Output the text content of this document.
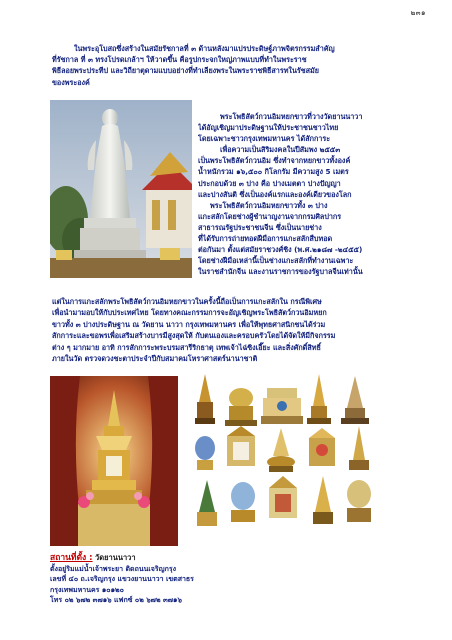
๒๓๑
ในพระอุโบสถซึ่งสร้างในสมัยรัชกาลที่ ๓ ด้านหลังมาแปรประดิษฐ์ภาพจิตรกรรมสำคัญ
ที่รัชกาล ที่ ๓ ทรงโปรดเกล้าฯ ให้วาดขึ้น คือรูปกระจกใหญ่ภาพแบบที่ทำในพระราช
พิธีลอยพระประทีป และวิถียาตุดามแบบอย่างที่ทำเลียงพระในพระราชพิธีสารทในรัชสมัย
ของพระองค์
พระโพธิสัตว์กวนอิมหยกขาวที่วางวัดยานนาวา
ได้อัญเชิญมาประดิษฐานให้ประชาชนชาวไทย
โดยเฉพาะชาวกรุงเทพมหานคร ได้สักการะ
เพื่อความเป็นสิริมงคลในปีสัมพง ๒๕๕๓
เป็นพระโพธิสัตว์กวนอิม ซึ่งทำจากหยกขาวทั้งองค์
น้ำหนักรวม ๑๖,๕๐๐ กิโลกรัม มีความสูง 5 เมตร
ประกอบด้วย ๓ ปาง คือ ปางเมตตา ปางปัญญา
และปางสันติ ซึ่งเป็นองค์แรกและองค์เดียวของโลก
พระโพธิสัตว์กวนอิมหยกขาวทั้ง ๓ ปาง
แกะสลักโดยช่างผู้ชำนาญงานจากกรมศิลปากร
สาธารณรัฐประชาชนจีน ซึ่งเป็นนายช่าง
ที่ได้รับการถ่ายทอดฝีมือการแกะสลักสืบทอด
ต่อกันมา ตั้งแต่สมัยราชวงศ์ชิง (พ.ศ.๒๑๘๗ -๒๔๕๕)
โดยช่างฝีมือเหล่านี้เป็นช่างแกะสลักที่ทำงานเฉพาะ
ในราชสำนักจีน และงานราชการของรัฐบาลจีนเท่านั้น
แต่ในการแกะสลักพระโพธิสัตว์กวนอิมหยกขาวในครั้งนี้ถือเป็นการแกะสลักใน กรณีพิเศษ
เพื่อนำมามอบให้กับประเทศไทย โดยทางคณะกรรมการจะอัญเชิญพระโพธิสัตว์กวนอิมหยก
ขาวทั้ง ๓ ปางประดิษฐาน ณ วัดยาน นาวา กรุงเทพมหานคร เพื่อให้พุทธศาสนิกชนได้ร่วม
สักการะและขอพรเพื่อเสริมสร้างบารมีสูงสุดให้ กับตนเองและครอบครัวโดยได้จัดให้มีกิจกรรม
ต่าง ๆ มากมาย อาทิ การสักการะพระบรมสารีริกธาตุ เทพเจ้าไฉ่ซิงเอี๊ยะ และสิ่งศักดิ์สิทธิ์
ภายในวัด ตรวจดวงชะตาประจำปีกับสมาคมโหราศาสตร์นานาชาติ
สถานที่ตั้ง : วัดยานนาวา
ตั้งอยู่ริมแม่น้ำเจ้าพระยา ติดถนนเจริญกรุง
เลขที่ ๔๐ ถ.เจริญกรุง แขวงยานนาวา เขตสาธร
กรุงเทพมหานคร ๑๐๑๒๐
โทร ๐๒ ๖๗๒ ๓๗๑๖ แฟกซ์ ๐๒ ๖๗๒ ๓๗๑๖
